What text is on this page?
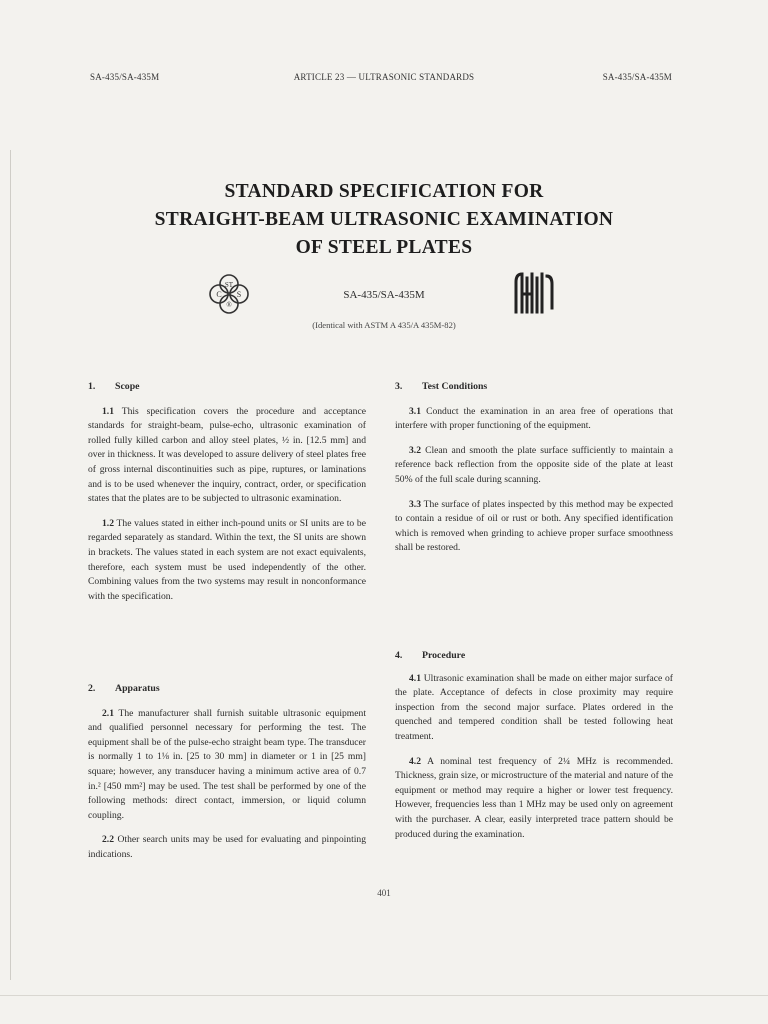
SA-435/SA-435M	ARTICLE 23 — ULTRASONIC STANDARDS	SA-435/SA-435M
STANDARD SPECIFICATION FOR
STRAIGHT-BEAM ULTRASONIC EXAMINATION
OF STEEL PLATES
ST
C S
®
SA-435/SA-435M
(Identical with ASTM A 435/A 435M-82)

1. Scope

1.1 This specification covers the procedure and acceptance standards for straight-beam, pulse-echo, ultrasonic examination of rolled fully killed carbon and alloy steel plates, ½ in. [12.5 mm] and over in thickness. It was developed to assure delivery of steel plates free of gross internal discontinuities such as pipe, ruptures, or laminations and is to be used whenever the inquiry, contract, order, or specification states that the plates are to be subjected to ultrasonic examination.

1.2 The values stated in either inch-pound units or SI units are to be regarded separately as standard. Within the text, the SI units are shown in brackets. The values stated in each system are not exact equivalents, therefore, each system must be used independently of the other. Combining values from the two systems may result in nonconformance with the specification.

2. Apparatus

2.1 The manufacturer shall furnish suitable ultrasonic equipment and qualified personnel necessary for performing the test. The equipment shall be of the pulse-echo straight beam type. The transducer is normally 1 to 1⅛ in. [25 to 30 mm] in diameter or 1 in [25 mm] square; however, any transducer having a minimum active area of 0.7 in.² [450 mm²] may be used. The test shall be performed by one of the following methods: direct contact, immersion, or liquid column coupling.

2.2 Other search units may be used for evaluating and pinpointing indications.

3. Test Conditions

3.1 Conduct the examination in an area free of operations that interfere with proper functioning of the equipment.

3.2 Clean and smooth the plate surface sufficiently to maintain a reference back reflection from the opposite side of the plate at least 50% of the full scale during scanning.

3.3 The surface of plates inspected by this method may be expected to contain a residue of oil or rust or both. Any specified identification which is removed when grinding to achieve proper surface smoothness shall be restored.

4. Procedure

4.1 Ultrasonic examination shall be made on either major surface of the plate. Acceptance of defects in close proximity may require inspection from the second major surface. Plates ordered in the quenched and tempered condition shall be tested following heat treatment.

4.2 A nominal test frequency of 2¼ MHz is recommended. Thickness, grain size, or microstructure of the material and nature of the equipment or method may require a higher or lower test frequency. However, frequencies less than 1 MHz may be used only on agreement with the purchaser. A clear, easily interpreted trace pattern should be produced during the examination.

401
